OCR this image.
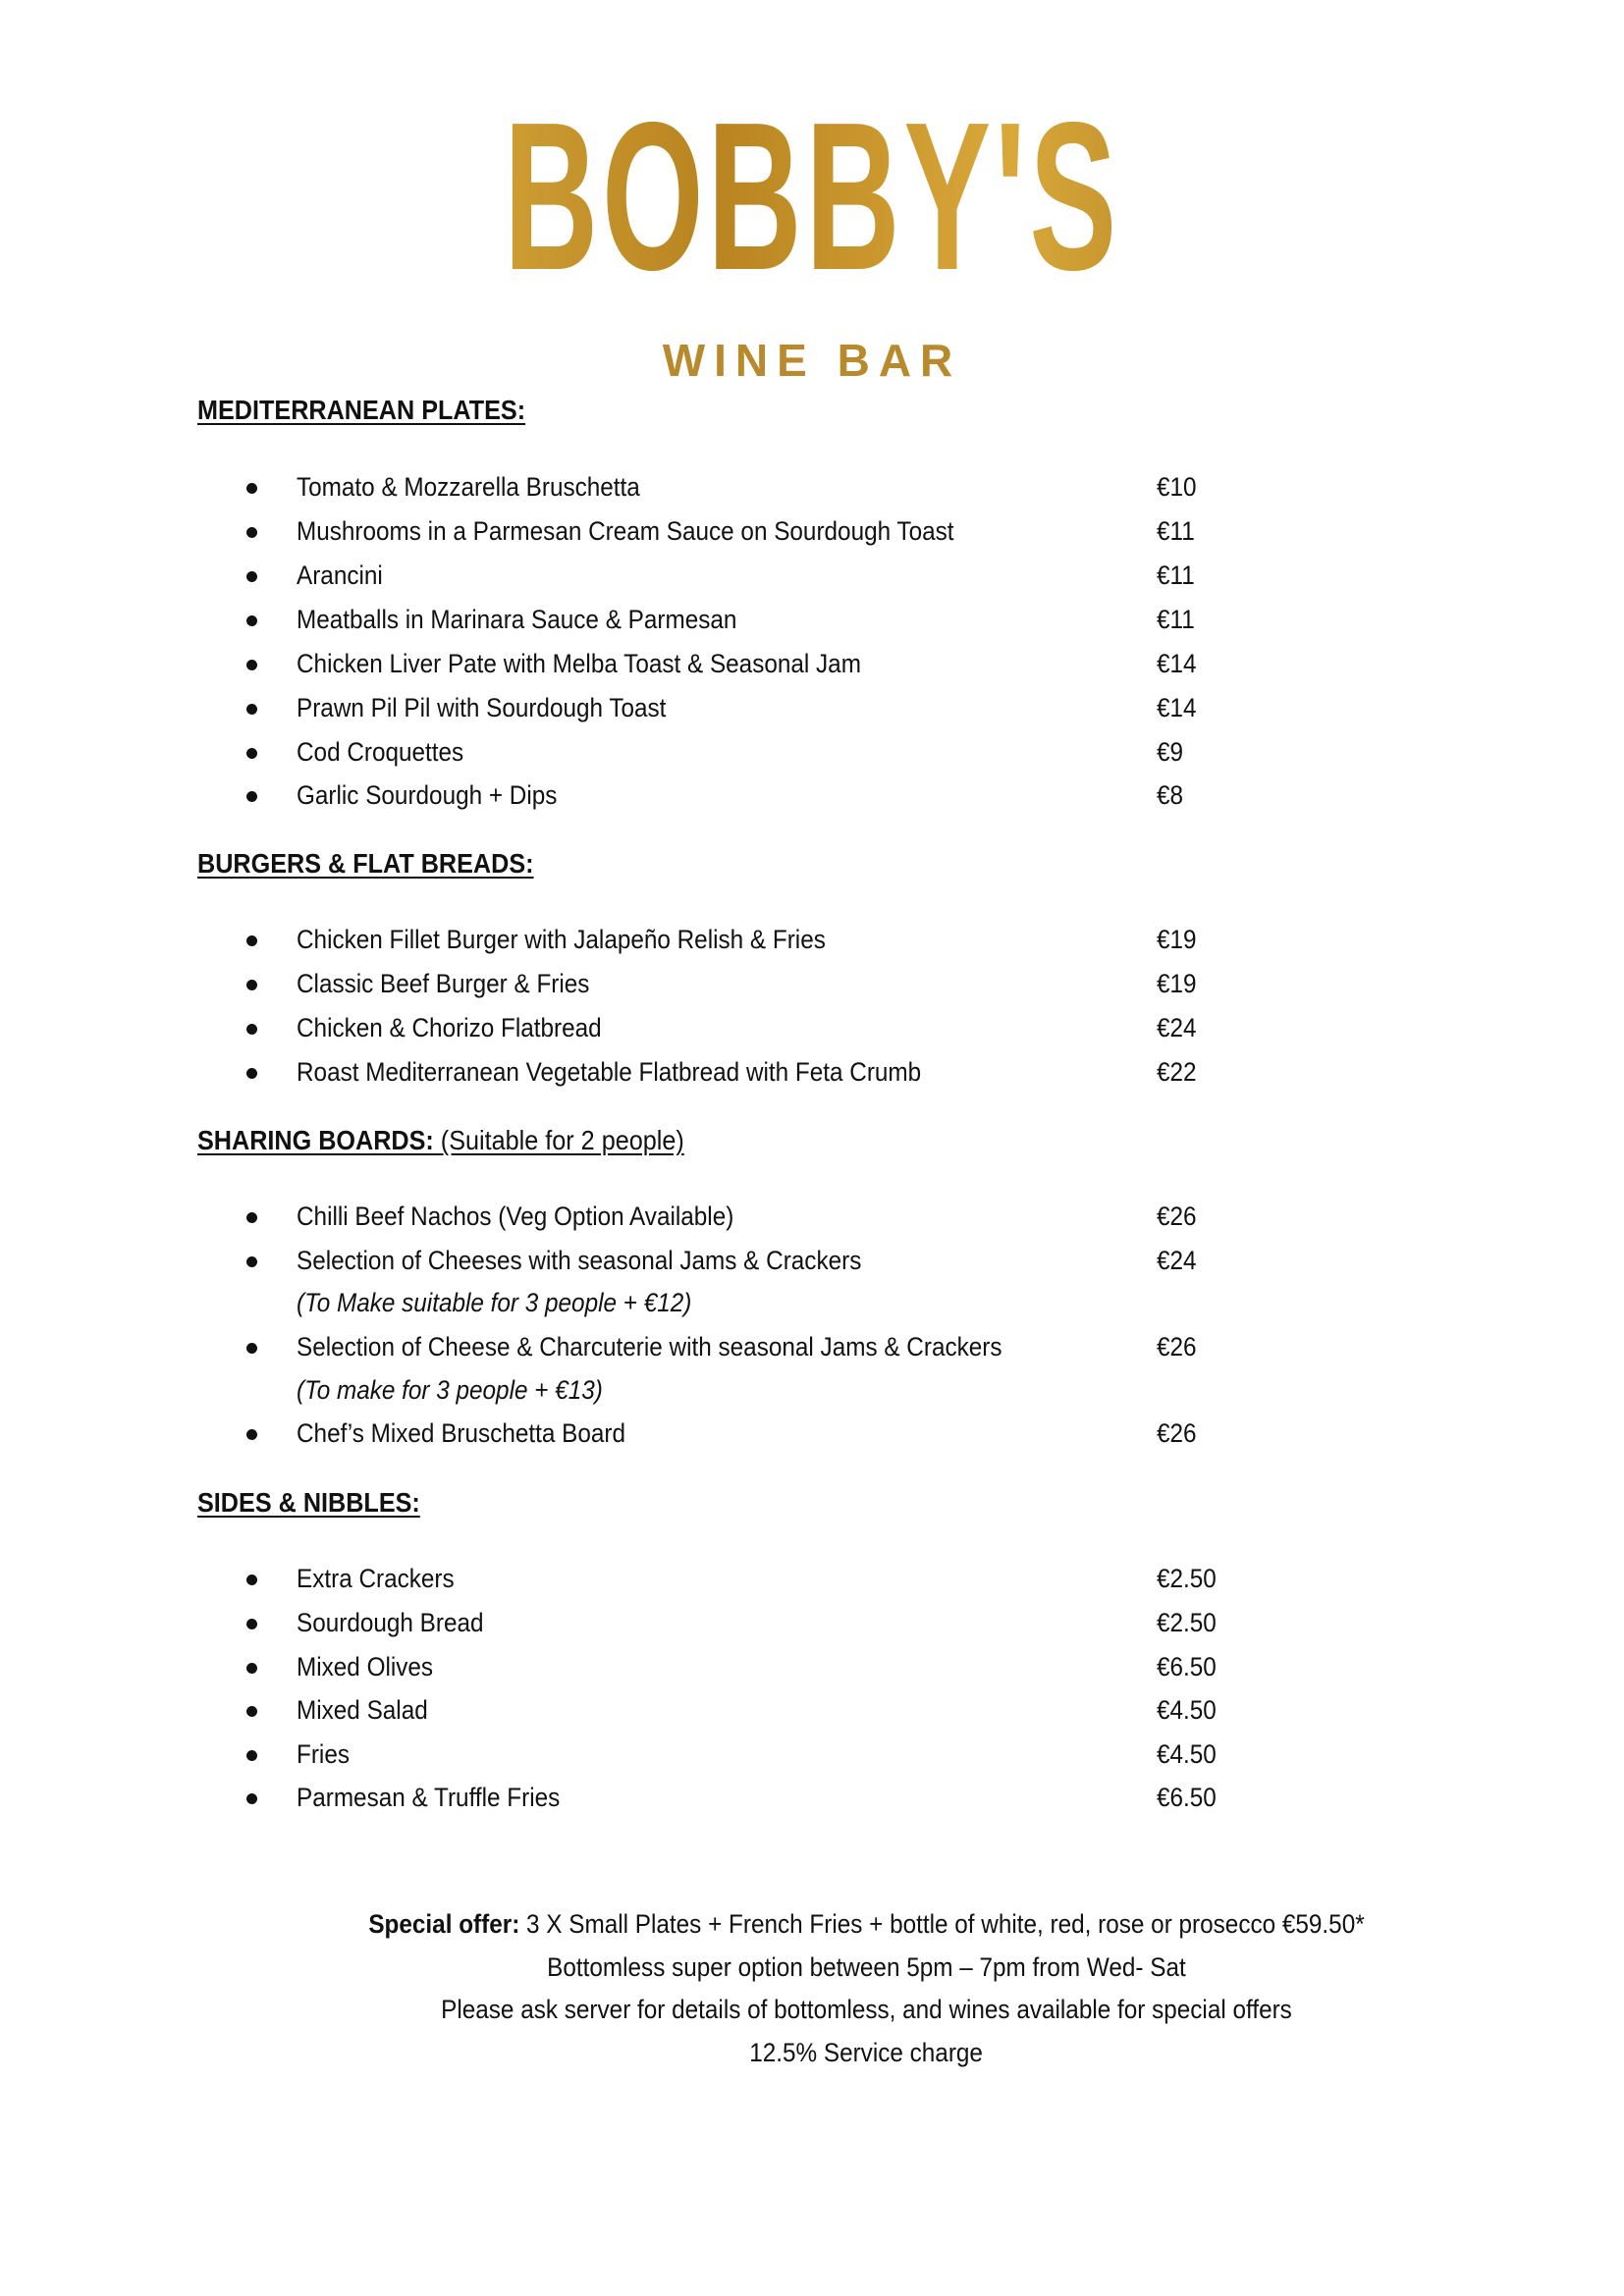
BOBBY'S
WINE BAR
MEDITERRANEAN PLATES:
BURGERS & FLAT BREADS:
SHARING BOARDS: (Suitable for 2 people)
SIDES & NIBBLES:
Tomato & Mozzarella Bruschetta	€10
Mushrooms in a Parmesan Cream Sauce on Sourdough Toast	€11
Arancini	€11
Meatballs in Marinara Sauce & Parmesan	€11
Chicken Liver Pate with Melba Toast & Seasonal Jam	€14
Prawn Pil Pil with Sourdough Toast	€14
Cod Croquettes	€9
Garlic Sourdough + Dips	€8
Chicken Fillet Burger with Jalapeño Relish & Fries	€19
Classic Beef Burger & Fries	€19
Chicken & Chorizo Flatbread	€24
Roast Mediterranean Vegetable Flatbread with Feta Crumb	€22
Chilli Beef Nachos (Veg Option Available)	€26
Selection of Cheeses with seasonal Jams & Crackers	€24
(To Make suitable for 3 people + €12)
Selection of Cheese & Charcuterie with seasonal Jams & Crackers	€26
(To make for 3 people + €13)
Chef’s Mixed Bruschetta Board	€26
Extra Crackers	€2.50
Sourdough Bread	€2.50
Mixed Olives	€6.50
Mixed Salad	€4.50
Fries	€4.50
Parmesan & Truffle Fries	€6.50
Special offer: 3 X Small Plates + French Fries + bottle of white, red, rose or prosecco €59.50*
Bottomless super option between 5pm – 7pm from Wed- Sat
Please ask server for details of bottomless, and wines available for special offers
12.5% Service charge
